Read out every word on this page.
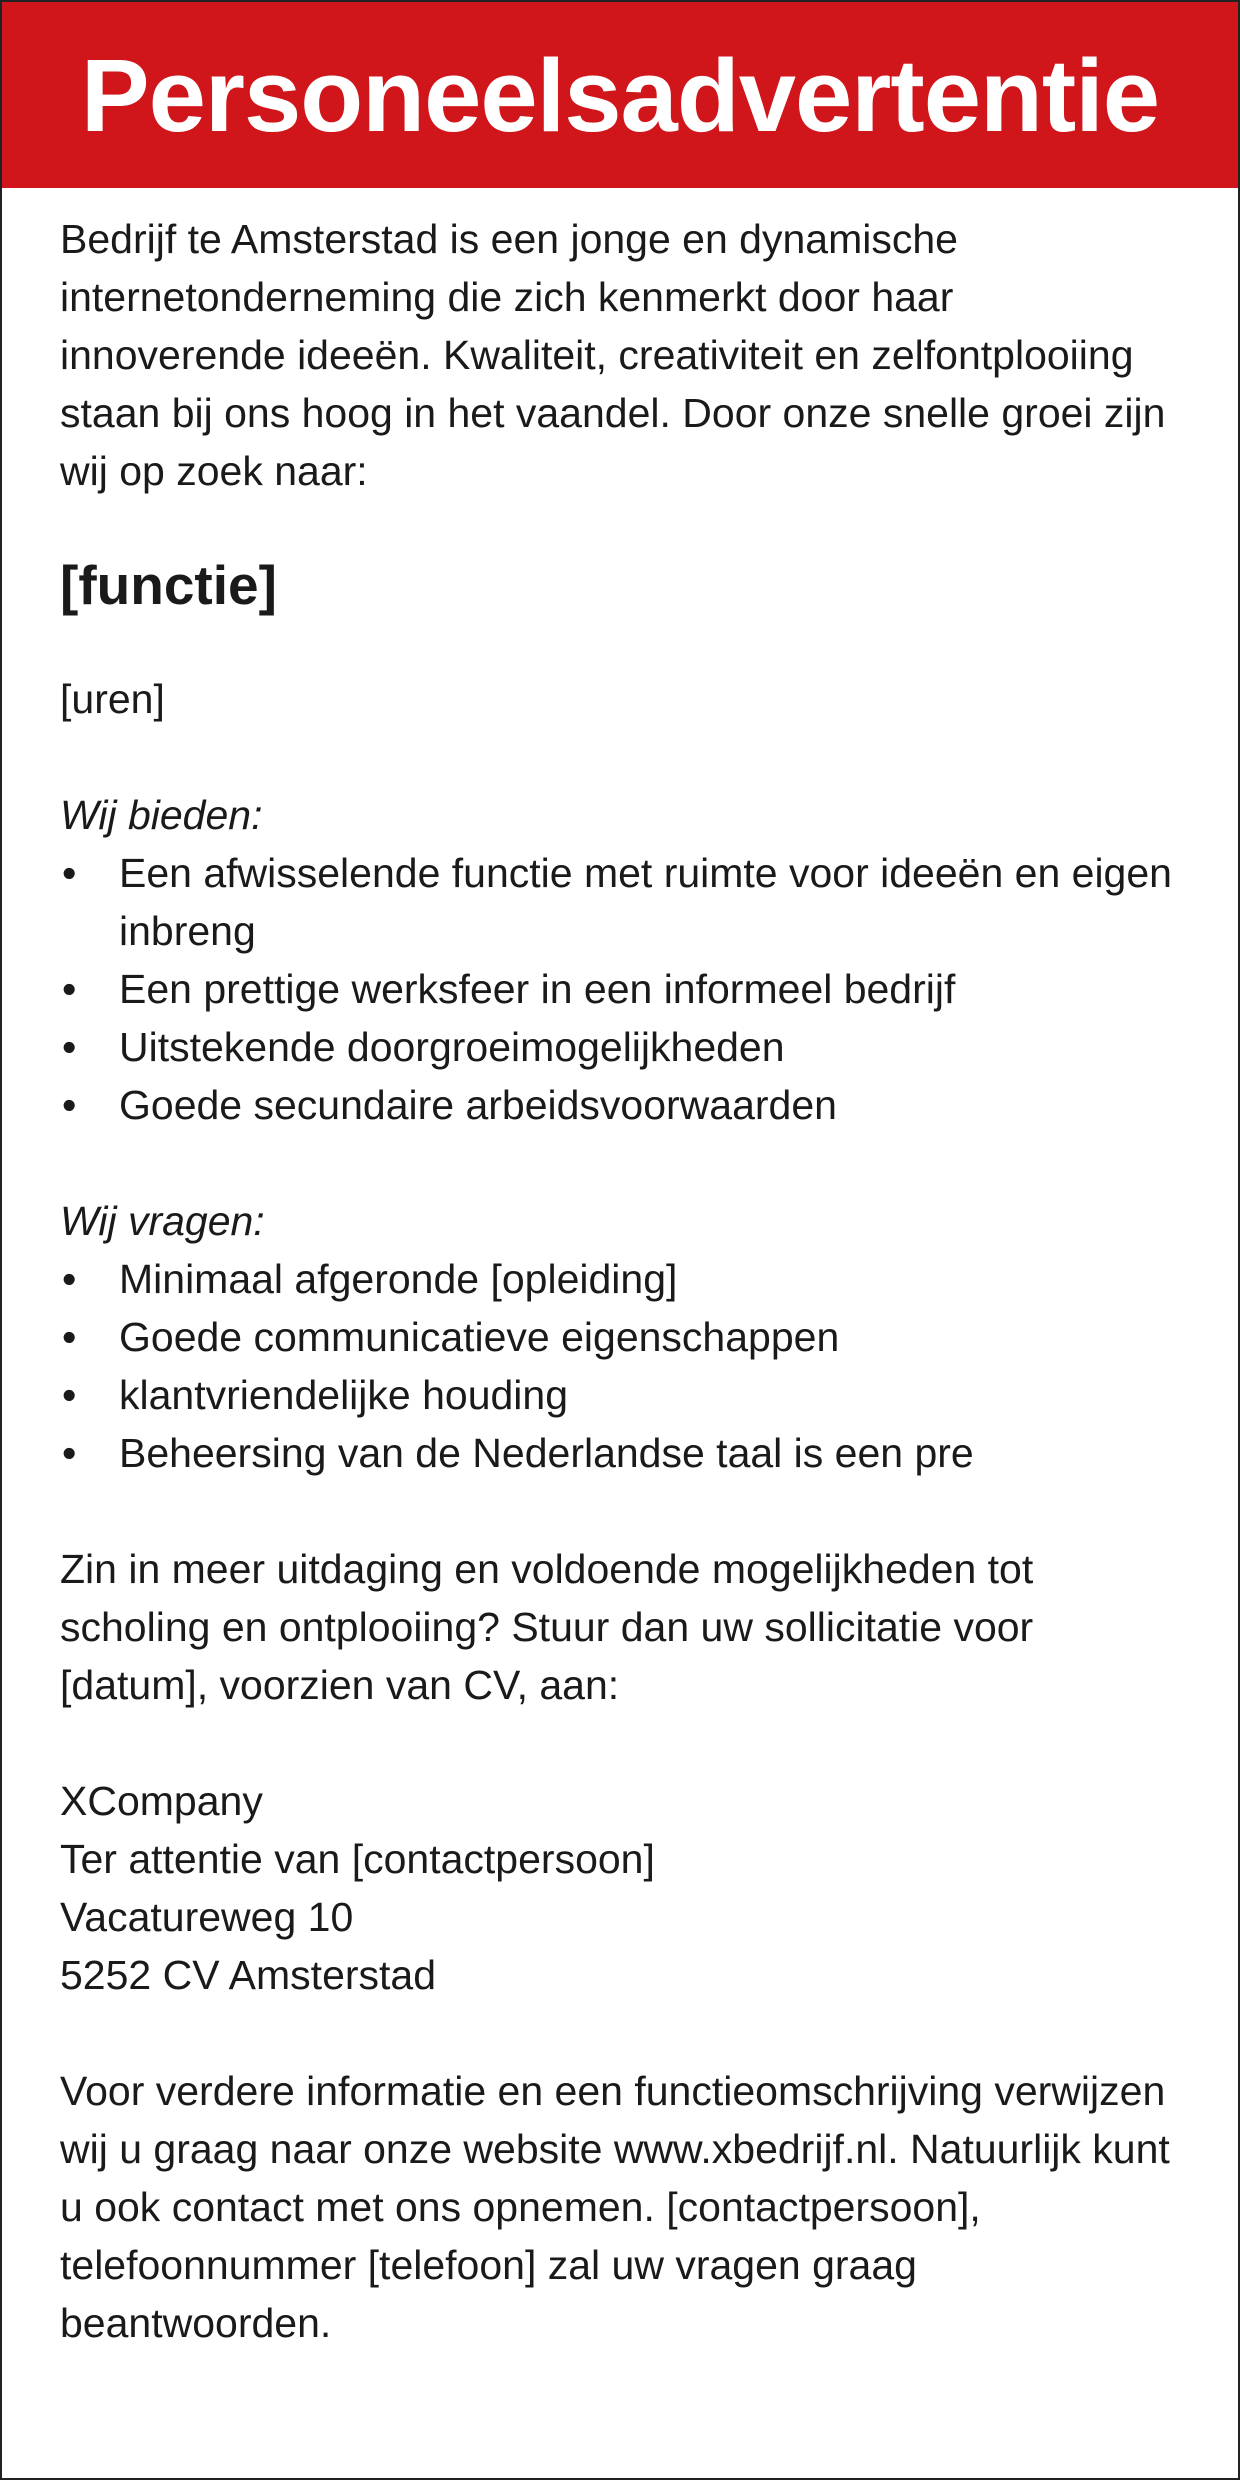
Personeelsadvertentie

Bedrijf te Amsterstad is een jonge en dynamische internetonderneming die zich kenmerkt door haar innoverende ideeën. Kwaliteit, creativiteit en zelfontplooiing staan bij ons hoog in het vaandel. Door onze snelle groei zijn wij op zoek naar:

[functie]

[uren]

Wij bieden:

• Een afwisselende functie met ruimte voor ideeën en eigen inbreng
• Een prettige werksfeer in een informeel bedrijf
• Uitstekende doorgroeimogelijkheden
• Goede secundaire arbeidsvoorwaarden

Wij vragen:

• Minimaal afgeronde [opleiding]
• Goede communicatieve eigenschappen
• klantvriendelijke houding
• Beheersing van de Nederlandse taal is een pre

Zin in meer uitdaging en voldoende mogelijkheden tot scholing en ontplooiing? Stuur dan uw sollicitatie voor [datum], voorzien van CV, aan:

XCompany

Ter attentie van [contactpersoon]

Vacatureweg 10

5252 CV Amsterstad

Voor verdere informatie en een functieomschrijving verwijzen wij u graag naar onze website www.xbedrijf.nl. Natuurlijk kunt u ook contact met ons opnemen. [contactpersoon], telefoonnummer [telefoon] zal uw vragen graag beantwoorden.
